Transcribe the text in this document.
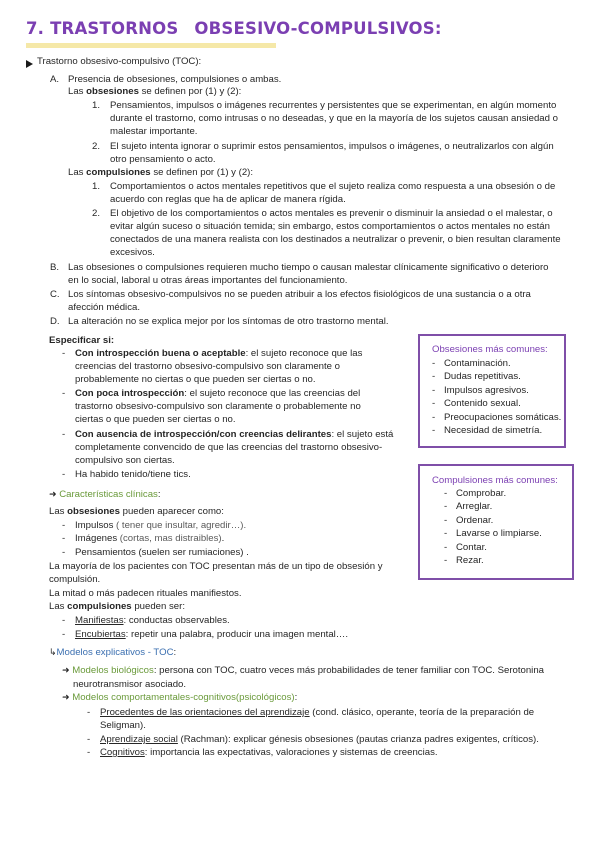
7. TRASTORNOS OBSESIVO-COMPULSIVOS:
Trastorno obsesivo-compulsivo (TOC):
A. Presencia de obsesiones, compulsiones o ambas.
Las obsesiones se definen por (1) y (2):
1. Pensamientos, impulsos o imágenes recurrentes y persistentes que se experimentan, en algún momento
durante el trastorno, como intrusas o no deseadas, y que en la mayoría de los sujetos causan ansiedad o
malestar importante.
2. El sujeto intenta ignorar o suprimir estos pensamientos, impulsos o imágenes, o neutralizarlos con algún
otro pensamiento o acto.
Las compulsiones se definen por (1) y (2):
1. Comportamientos o actos mentales repetitivos que el sujeto realiza como respuesta a una obsesión o de
acuerdo con reglas que ha de aplicar de manera rígida.
2. El objetivo de los comportamientos o actos mentales es prevenir o disminuir la ansiedad o el malestar, o
evitar algún suceso o situación temida; sin embargo, estos comportamientos o actos mentales no están
conectados de una manera realista con los destinados a neutralizar o prevenir, o bien resultan claramente
excesivos.
B. Las obsesiones o compulsiones requieren mucho tiempo o causan malestar clínicamente significativo o deterioro
en lo social, laboral u otras áreas importantes del funcionamiento.
C. Los síntomas obsesivo-compulsivos no se pueden atribuir a los efectos fisiológicos de una sustancia o a otra
afección médica.
D. La alteración no se explica mejor por los síntomas de otro trastorno mental.
Especificar si:
- Con introspección buena o aceptable: el sujeto reconoce que las
creencias del trastorno obsesivo-compulsivo son claramente o
probablemente no ciertas o que pueden ser ciertas o no.
- Con poca introspección: el sujeto reconoce que las creencias del
trastorno obsesivo-compulsivo son claramente o probablemente no
ciertas o que pueden ser ciertas o no.
- Con ausencia de introspección/con creencias delirantes: el sujeto está
completamente convencido de que las creencias del trastorno obsesivo-
compulsivo son ciertas.
- Ha habido tenido/tiene tics.
Obsesiones más comunes:
- Contaminación.
- Dudas repetitivas.
- Impulsos agresivos.
- Contenido sexual.
- Preocupaciones somáticas.
- Necesidad de simetría.
Compulsiones más comunes:
- Comprobar.
- Arreglar.
- Ordenar.
- Lavarse o limpiarse.
- Contar.
- Rezar.
➜ Características clínicas:
Las obsesiones pueden aparecer como:
- Impulsos ( tener que insultar, agredir…).
- Imágenes (cortas, mas distraibles).
- Pensamientos (suelen ser rumiaciones) .
La mayoría de los pacientes con TOC presentan más de un tipo de obsesión y
compulsión.
La mitad o más padecen rituales manifiestos.
Las compulsiones pueden ser:
- Manifiestas: conductas observables.
- Encubiertas: repetir una palabra, producir una imagen mental….
↳Modelos explicativos - TOC:
➜ Modelos biológicos: persona con TOC, cuatro veces más probabilidades de tener familiar con TOC. Serotonina
neurotransmisor asociado.
➜ Modelos comportamentales-cognitivos(psicológicos):
- Procedentes de las orientaciones del aprendizaje (cond. clásico, operante, teoría de la preparación de
Seligman).
- Aprendizaje social (Rachman): explicar génesis obsesiones (pautas crianza padres exigentes, críticos).
- Cognitivos: importancia las expectativas, valoraciones y sistemas de creencias.
